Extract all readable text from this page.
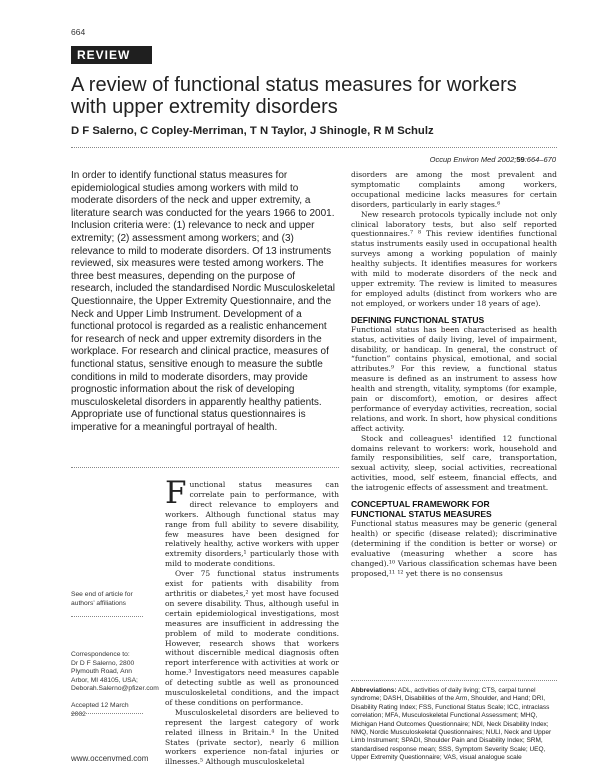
664
REVIEW
A review of functional status measures for workers with upper extremity disorders
D F Salerno, C Copley-Merriman, T N Taylor, J Shinogle, R M Schulz
Occup Environ Med 2002;59:664–670
In order to identify functional status measures for epidemiological studies among workers with mild to moderate disorders of the neck and upper extremity, a literature search was conducted for the years 1966 to 2001. Inclusion criteria were: (1) relevance to neck and upper extremity; (2) assessment among workers; and (3) relevance to mild to moderate disorders. Of 13 instruments reviewed, six measures were tested among workers. The three best measures, depending on the purpose of research, included the standardised Nordic Musculoskeletal Questionnaire, the Upper Extremity Questionnaire, and the Neck and Upper Limb Instrument. Development of a functional protocol is regarded as a realistic enhancement for research of neck and upper extremity disorders in the workplace. For research and clinical practice, measures of functional status, sensitive enough to measure the subtle conditions in mild to moderate disorders, may provide prognostic information about the risk of developing musculoskeletal disorders in apparently healthy patients. Appropriate use of functional status questionnaires is imperative for a meaningful portrayal of health.
See end of article for authors’ affiliations
Correspondence to:
Dr D F Salerno, 2800 Plymouth Road, Ann Arbor, MI 48105, USA; Deborah.Salerno@pfizer.com
Accepted 12 March 2002

Functional status measures can correlate pain to performance, with direct relevance to employers and workers. Although functional status may range from full ability to severe disability, few measures have been designed for relatively healthy, active workers with upper extremity disorders,¹ particularly those with mild to moderate conditions.

Over 75 functional status instruments exist for patients with disability from arthritis or diabetes,² yet most have focused on severe disability. Thus, although useful in certain epidemiological investigations, most measures are insufficient in addressing the problem of mild to moderate conditions. However, research shows that workers without discernible medical diagnosis often report interference with activities at work or home.³ Investigators need measures capable of detecting subtle as well as pronounced musculoskeletal conditions, and the impact of these conditions on performance.

Musculoskeletal disorders are believed to represent the largest category of work related illness in Britain.⁴ In the United States (private sector), nearly 6 million workers experience non-fatal injuries or illnesses.⁵ Although musculoskeletal

disorders are among the most prevalent and symptomatic complaints among workers, occupational medicine lacks measures for certain disorders, particularly in early stages.⁶

New research protocols typically include not only clinical laboratory tests, but also self reported questionnaires.⁷ ⁸ This review identifies functional status instruments easily used in occupational health surveys among a working population of mainly healthy subjects. It identifies measures for workers with mild to moderate disorders of the neck and upper extremity. The review is limited to measures for employed adults (distinct from workers who are not employed, or workers under 18 years of age).

DEFINING FUNCTIONAL STATUS

Functional status has been characterised as health status, activities of daily living, level of impairment, disability, or handicap. In general, the construct of “function” contains physical, emotional, and social attributes.⁹ For this review, a functional status measure is defined as an instrument to assess how health and strength, vitality, symptoms (for example, pain or discomfort), emotion, or desires affect performance of everyday activities, recreation, social relations, and work. In short, how physical conditions affect activity.

Stock and colleagues¹ identified 12 functional domains relevant to workers: work, household and family responsibilities, self care, transportation, sexual activity, sleep, social activities, recreational activities, mood, self esteem, financial effects, and the iatrogenic effects of assessment and treatment.

CONCEPTUAL FRAMEWORK FOR
FUNCTIONAL STATUS MEASURES

Functional status measures may be generic (general health) or specific (disease related); discriminative (determining if the condition is better or worse) or evaluative (measuring whether a score has changed).¹⁰ Various classification schemas have been proposed,¹¹ ¹² yet there is no consensus

Abbreviations: ADL, activities of daily living; CTS, carpal tunnel syndrome; DASH, Disabilities of the Arm, Shoulder, and Hand; DRI, Disability Rating Index; FSS, Functional Status Scale; ICC, intraclass correlation; MFA, Musculoskeletal Functional Assessment; MHQ, Michigan Hand Outcomes Questionnaire; NDI, Neck Disability Index; NMQ, Nordic Musculoskeletal Questionnaires; NULI, Neck and Upper Limb Instrument; SPADI, Shoulder Pain and Disability Index; SRM, standardised response mean; SSS, Symptom Severity Scale; UEQ, Upper Extremity Questionnaire; VAS, visual analogue scale
www.occenvmed.com
